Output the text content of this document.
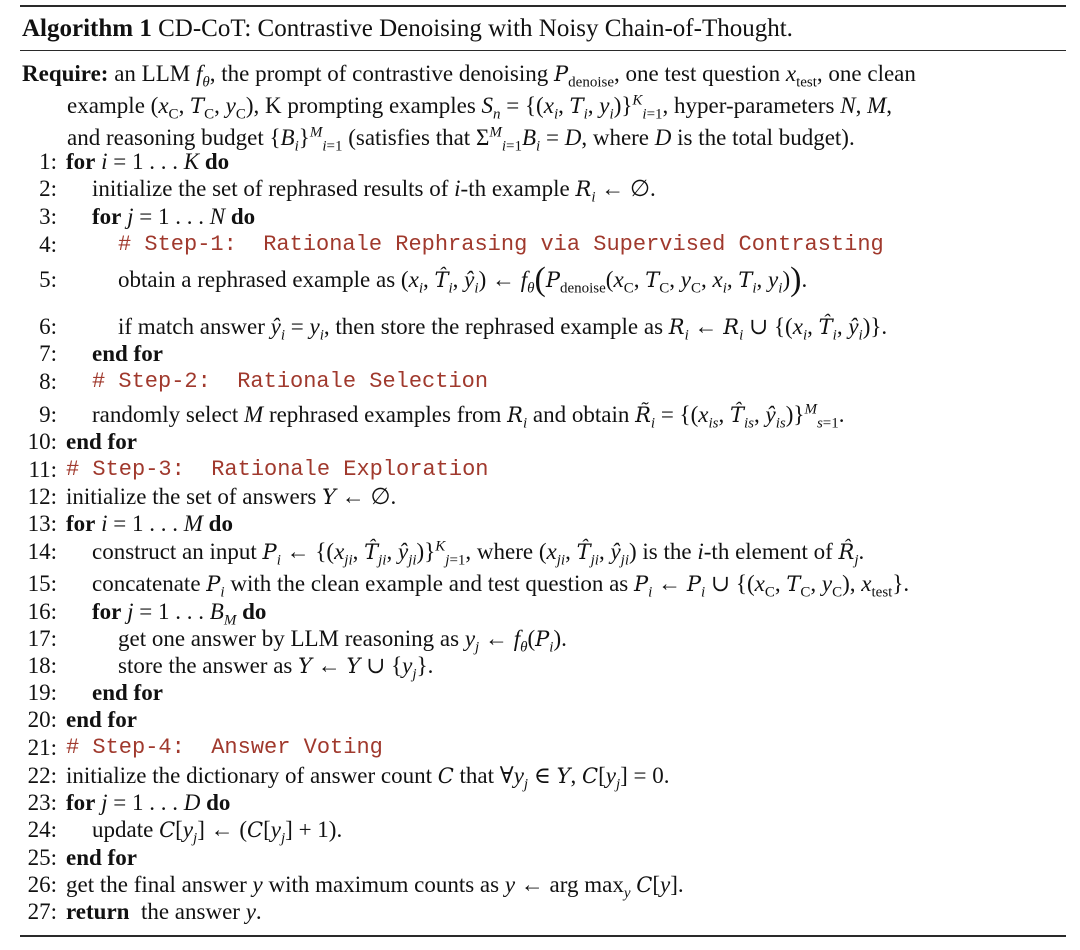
Algorithm 1 CD-CoT: Contrastive Denoising with Noisy Chain-of-Thought.
Require: an LLM $f_\theta$, the prompt of contrastive denoising $P_{denoise}$, one test question $x_{test}$, one clean
example ($x_C$, $T_C$, $y_C$), K prompting examples $S_n = \{(x_i$, $T_i$, $y_i)\}^K_{i=1}$, hyper-parameters N, M,
and reasoning budget $\{B_i\}^M_{i=1}$ (satisfies that $\Sigma^M_{i=1}B_i = D$, where D is the total budget).
1: for i = 1 . . . K do
2: initialize the set of rephrased results of i-th example $R_i$ ← ∅.
3: for j = 1 . . . N do
4:	# Step-1:  Rationale Rephrasing via Supervised Contrasting
5:	obtain a rephrased example as ($x_i$, $T̂_i$, $ŷ_i$) ← $f_\theta(P_{denoise}(x_C$, $T_C$, $y_C$, $x_i$, $T_i$, $y_i$)).
6:	if match answer $ŷ_i = y_i$, then store the rephrased example as $R_i$ ← $R_i$ ∪ {($x_i$, $T̂_i$, $ŷ_i$)}.
7: end for
8: # Step-2:  Rationale Selection
9: randomly select M rephrased examples from $R_i$ and obtain $R̃_i = \{(x_{is}$, $T̂_{is}$, $ŷ_{is})\}^M_{s=1}$.
10: end for
11: # Step-3:  Rationale Exploration
12: initialize the set of answers Y ← ∅.
13: for i = 1 . . . M do
14: construct an input $P_i$ ← {($x_{ji}$, $T̂_{ji}$, $ŷ_{ji})\}^K_{j=1}$, where ($x_{ji}$, $T̂_{ji}$, $ŷ_{ji}$) is the i-th element of $R̂_j$.
15: concatenate $P_i$ with the clean example and test question as $P_i$ ← $P_i$ ∪ {($x_C$, $T_C$, $y_C$), $x_{test}$}.
16: for j = 1 . . . $B_M$ do
17:	get one answer by LLM reasoning as $y_j$ ← $f_\theta(P_i)$.
18:	store the answer as Y ← Y ∪ $\{y_j\}$.
19: end for
20: end for
21: # Step-4:  Answer Voting
22: initialize the dictionary of answer count C that $\forall y_j$ ∈ Y, $C[y_j] = 0$.
23: for j = 1 . . . D do
24: update $C[y_j]$ ← $(C[y_j] + 1)$.
25: end for
26: get the final answer y with maximum counts as y ← arg $\max_y C[y]$.
27: return the answer y.
